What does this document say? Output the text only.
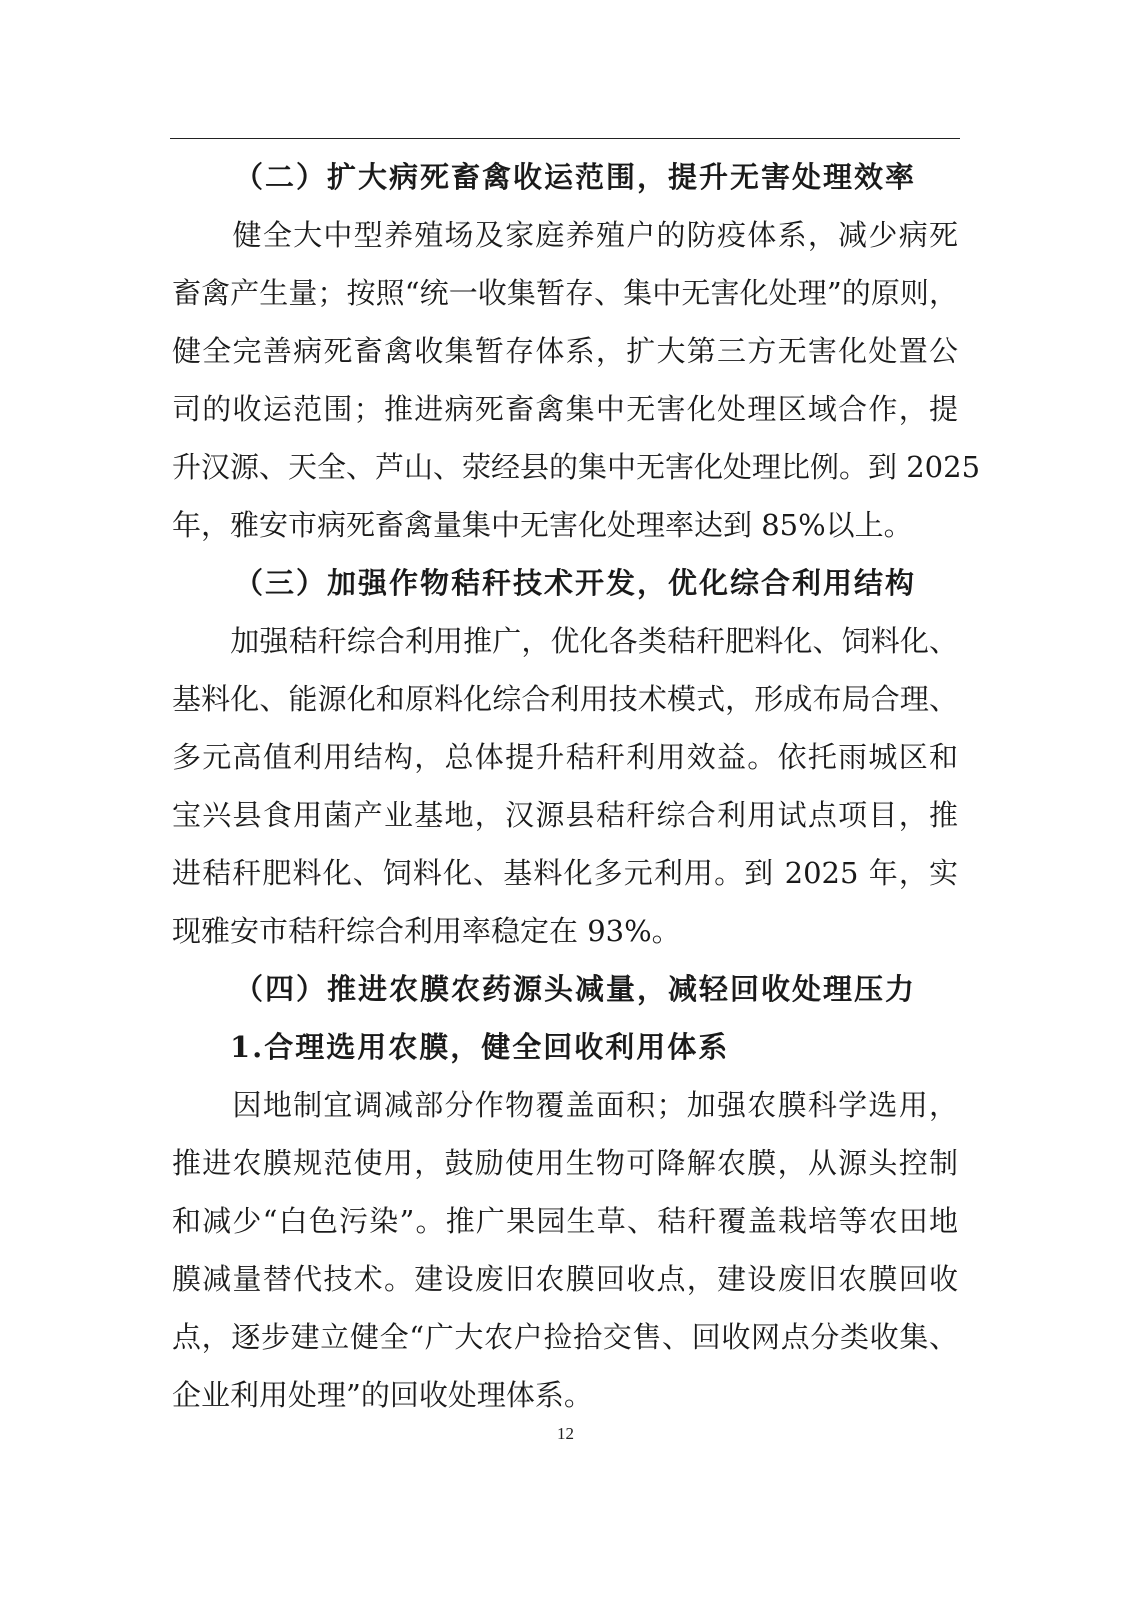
（二）扩大病死畜禽收运范围，提升无害处理效率
　　健全大中型养殖场及家庭养殖户的防疫体系，减少病死
畜禽产生量；按照“统一收集暂存、集中无害化处理”的原则，
健全完善病死畜禽收集暂存体系，扩大第三方无害化处置公
司的收运范围；推进病死畜禽集中无害化处理区域合作，提
升汉源、天全、芦山、荥经县的集中无害化处理比例。到 2025
年，雅安市病死畜禽量集中无害化处理率达到 85%以上。
（三）加强作物秸秆技术开发，优化综合利用结构
　　加强秸秆综合利用推广，优化各类秸秆肥料化、饲料化、
基料化、能源化和原料化综合利用技术模式，形成布局合理、
多元高值利用结构，总体提升秸秆利用效益。依托雨城区和
宝兴县食用菌产业基地，汉源县秸秆综合利用试点项目，推
进秸秆肥料化、饲料化、基料化多元利用。到 2025 年，实
现雅安市秸秆综合利用率稳定在 93%。
（四）推进农膜农药源头减量，减轻回收处理压力
1.合理选用农膜，健全回收利用体系
　　因地制宜调减部分作物覆盖面积；加强农膜科学选用，
推进农膜规范使用，鼓励使用生物可降解农膜，从源头控制
和减少“白色污染”。推广果园生草、秸秆覆盖栽培等农田地
膜减量替代技术。建设废旧农膜回收点，建设废旧农膜回收
点，逐步建立健全“广大农户捡拾交售、回收网点分类收集、
企业利用处理”的回收处理体系。
12
